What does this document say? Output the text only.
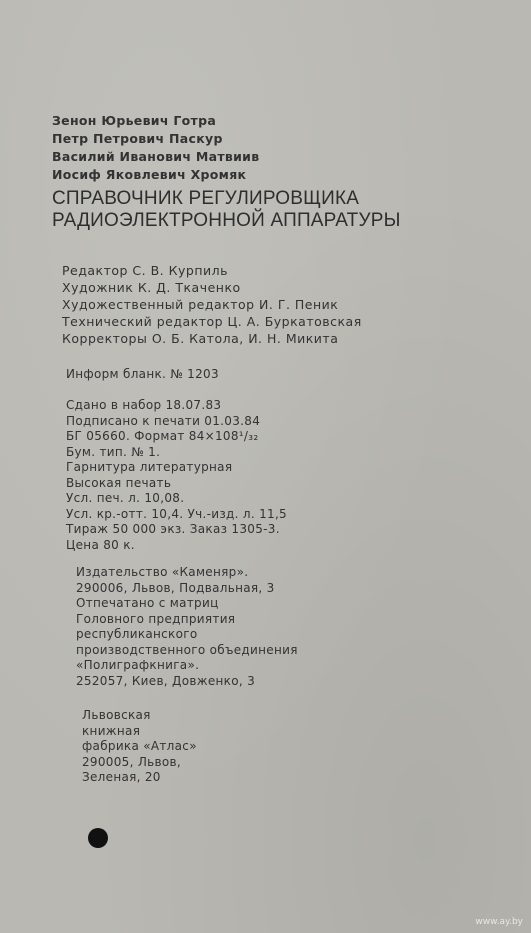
Зенон Юрьевич Готра
Петр Петрович Паскур
Василий Иванович Матвиив
Иосиф Яковлевич Хромяк
СПРАВОЧНИК РЕГУЛИРОВЩИКА
РАДИОЭЛЕКТРОННОЙ АППАРАТУРЫ
Редактор С. В. Курпиль
Художник К. Д. Ткаченко
Художественный редактор И. Г. Пеник
Технический редактор Ц. А. Буркатовская
Корректоры О. Б. Катола, И. Н. Микита
Информ бланк. № 1203
Сдано в набор 18.07.83
Подписано к печати 01.03.84
БГ 05660. Формат 84×108¹/₃₂
Бум. тип. № 1.
Гарнитура литературная
Высокая печать
Усл. печ. л. 10,08.
Усл. кр.-отт. 10,4. Уч.-изд. л. 11,5
Тираж 50 000 экз. Заказ 1305-3.
Цена 80 к.
Издательство «Каменяр».
290006, Львов, Подвальная, 3
Отпечатано с матриц
Головного предприятия
республиканского
производственного объединения
«Полиграфкнига».
252057, Киев, Довженко, 3
Львовская
книжная
фабрика «Атлас»
290005, Львов,
Зеленая, 20
www.ay.by
